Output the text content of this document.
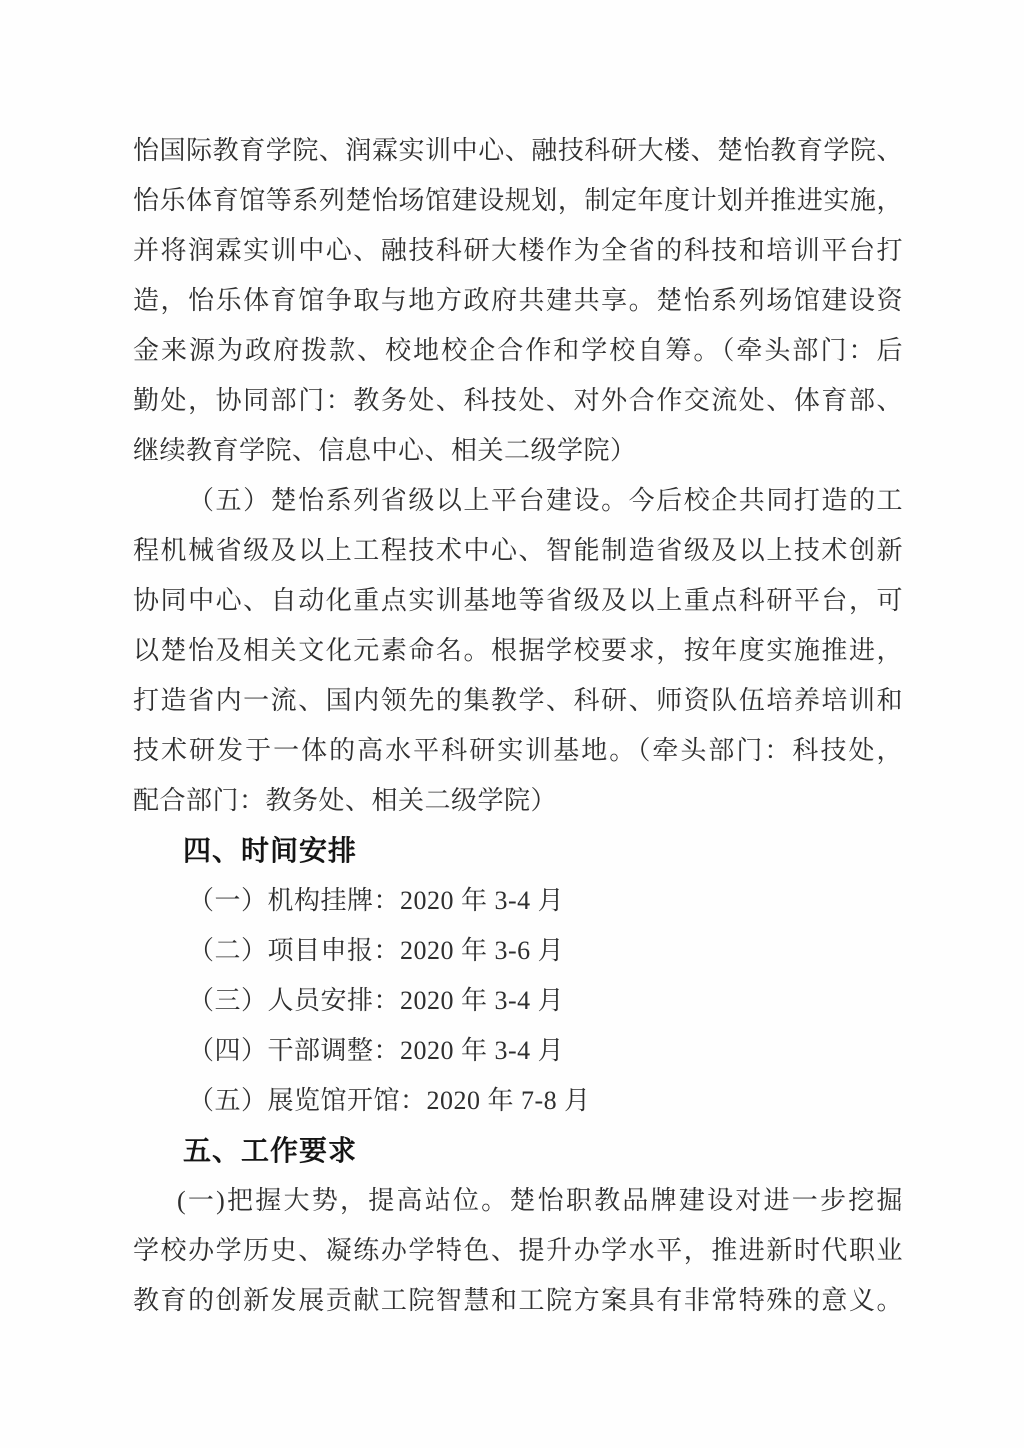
怡国际教育学院、润霖实训中心、融技科研大楼、楚怡教育学院、
怡乐体育馆等系列楚怡场馆建设规划，制定年度计划并推进实施，
并将润霖实训中心、融技科研大楼作为全省的科技和培训平台打
造，怡乐体育馆争取与地方政府共建共享。楚怡系列场馆建设资
金来源为政府拨款、校地校企合作和学校自筹。（牵头部门：后
勤处，协同部门：教务处、科技处、对外合作交流处、体育部、
继续教育学院、信息中心、相关二级学院）
（五）楚怡系列省级以上平台建设。今后校企共同打造的工
程机械省级及以上工程技术中心、智能制造省级及以上技术创新
协同中心、自动化重点实训基地等省级及以上重点科研平台，可
以楚怡及相关文化元素命名。根据学校要求，按年度实施推进，
打造省内一流、国内领先的集教学、科研、师资队伍培养培训和
技术研发于一体的高水平科研实训基地。（牵头部门：科技处，
配合部门：教务处、相关二级学院）
四、时间安排
（一）机构挂牌：2020 年 3-4 月
（二）项目申报：2020 年 3-6 月
（三）人员安排：2020 年 3-4 月
（四）干部调整：2020 年 3-4 月
（五）展览馆开馆：2020 年 7-8 月
五、工作要求
(一)把握大势，提高站位。楚怡职教品牌建设对进一步挖掘
学校办学历史、凝练办学特色、提升办学水平，推进新时代职业
教育的创新发展贡献工院智慧和工院方案具有非常特殊的意义。
